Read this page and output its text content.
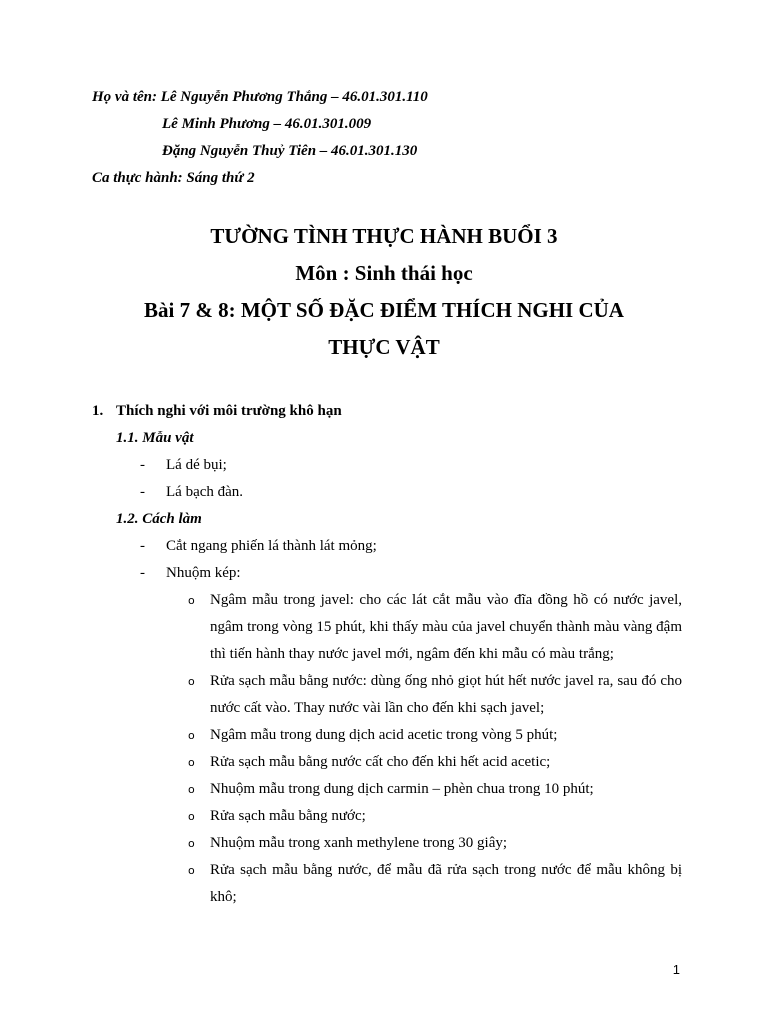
Họ và tên: Lê Nguyễn Phương Thắng – 46.01.301.110
Lê Minh Phương – 46.01.301.009
Đặng Nguyễn Thuỷ Tiên – 46.01.301.130
Ca thực hành: Sáng thứ 2
TƯỜNG TÌNH THỰC HÀNH BUỔI 3
Môn : Sinh thái học
Bài 7 & 8: MỘT SỐ ĐẶC ĐIỂM THÍCH NGHI CỦA
THỰC VẬT
1. Thích nghi với môi trường khô hạn
1.1. Mẫu vật
-	Lá dé bụi;
-	Lá bạch đàn.
1.2. Cách làm
-	Cắt ngang phiến lá thành lát mỏng;
-	Nhuộm kép:
o	Ngâm mẫu trong javel: cho các lát cắt mẫu vào đĩa đồng hồ có nước javel, ngâm trong vòng 15 phút, khi thấy màu của javel chuyển thành màu vàng đậm thì tiến hành thay nước javel mới, ngâm đến khi mẫu có màu trắng;
o	Rửa sạch mẫu bằng nước: dùng ống nhỏ giọt hút hết nước javel ra, sau đó cho nước cất vào. Thay nước vài lần cho đến khi sạch javel;
o	Ngâm mẫu trong dung dịch acid acetic trong vòng 5 phút;
o	Rửa sạch mẫu bằng nước cất cho đến khi hết acid acetic;
o	Nhuộm mẫu trong dung dịch carmin – phèn chua trong 10 phút;
o	Rửa sạch mẫu bằng nước;
o	Nhuộm mẫu trong xanh methylene trong 30 giây;
o	Rửa sạch mẫu bằng nước, để mẫu đã rửa sạch trong nước để mẫu không bị khô;
1
